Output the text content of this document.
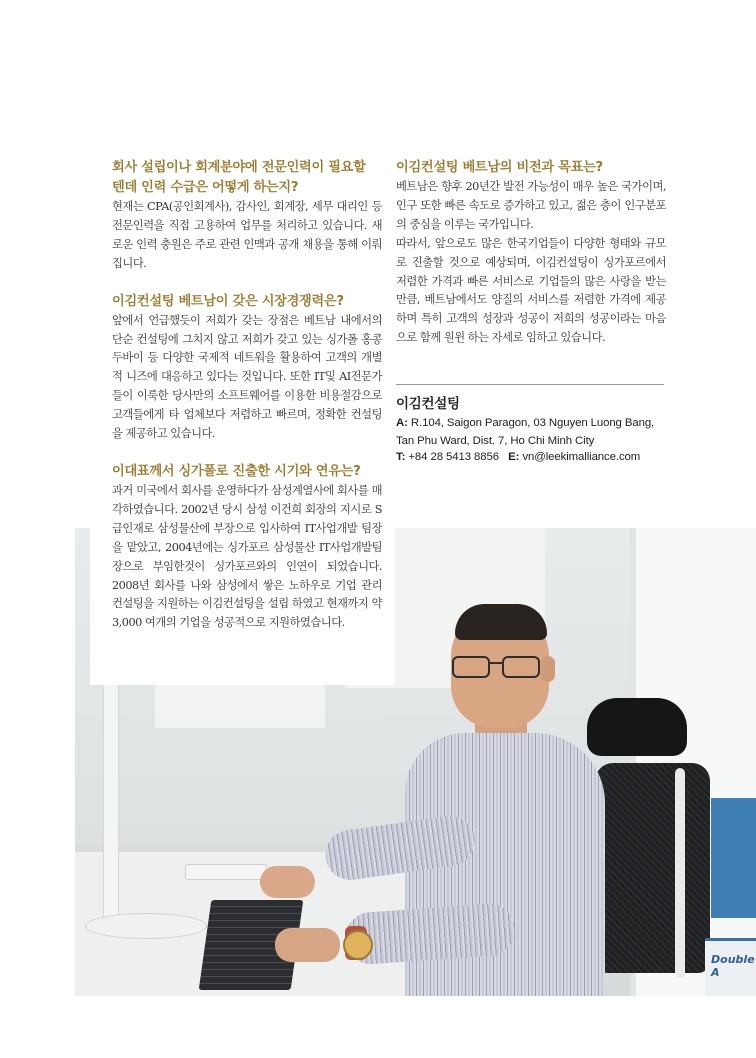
Double A
회사 설립이나 회계분야에 전문인력이 필요할 텐데 인력 수급은 어떻게 하는지?

현재는 CPA(공인회계사), 감사인, 회계장, 세무 대리인 등 전문인력을 직접 고용하여 업무를 처리하고 있습니다. 새로운 인력 충원은 주로 관련 인맥과 공개 채용을 통해 이뤄집니다.

이김컨설팅 베트남이 갖은 시장경쟁력은?

앞에서 언급했듯이 저희가 갖는 장점은 베트남 내에서의 단순 컨설팅에 그치지 않고 저희가 갖고 있는 싱가폴 홍콩 두바이 등 다양한 국제적 네트워을 활용하여 고객의 개별적 니즈에 대응하고 있다는 것입니다. 또한 IT및 AI전문가들이 이룩한 당사만의 소프트웨어를 이용한 비용절감으로 고객들에게 타 업체보다 저렴하고 빠르며, 정확한 컨설팅을 제공하고 있습니다.

이대표께서 싱가폴로 진출한 시기와 연유는?

과거 미국에서 회사를 운영하다가 삼성계열사에 회사를 매각하였습니다. 2002년 당시 삼성 이건희 회장의 지시로 S급인재로 삼성물산에 부장으로 입사하여 IT사업개발 팀장을 맡았고, 2004년에는 싱가포르 삼성물산 IT사업개발팀장으로 부임한것이 싱가포르와의 인연이 되었습니다. 2008년 회사를 나와 삼성에서 쌓은 노하우로 기업 관리 컨설팅을 지원하는 이김컨설팅을 설립 하였고 현재까지 약 3,000 여개의 기업을 성공적으로 지원하였습니다.

이김컨설팅 베트남의 비전과 목표는?

베트남은 향후 20년간 발전 가능성이 매우 높은 국가이며, 인구 또한 빠른 속도로 증가하고 있고, 젊은 층이 인구분포의 중심을 이루는 국가입니다.

따라서, 앞으로도 많은 한국기업들이 다양한 형태와 규모로 진출할 것으로 예상되며, 이김컨설팅이 싱가포르에서 저렴한 가격과 빠른 서비스로 기업들의 많은 사랑을 받는 만큼, 베트남에서도 양질의 서비스를 저렴한 가격에 제공하며 특히 고객의 성장과 성공이 저희의 성공이라는 마음으로 함께 원윈 하는 자세로 임하고 있습니다.

이김컨설팅
A: R.104, Saigon Paragon, 03 Nguyen Luong Bang,
Tan Phu Ward, Dist. 7, Ho Chi Minh City
T: +84 28 5413 8856 E: vn@leekimalliance.com
